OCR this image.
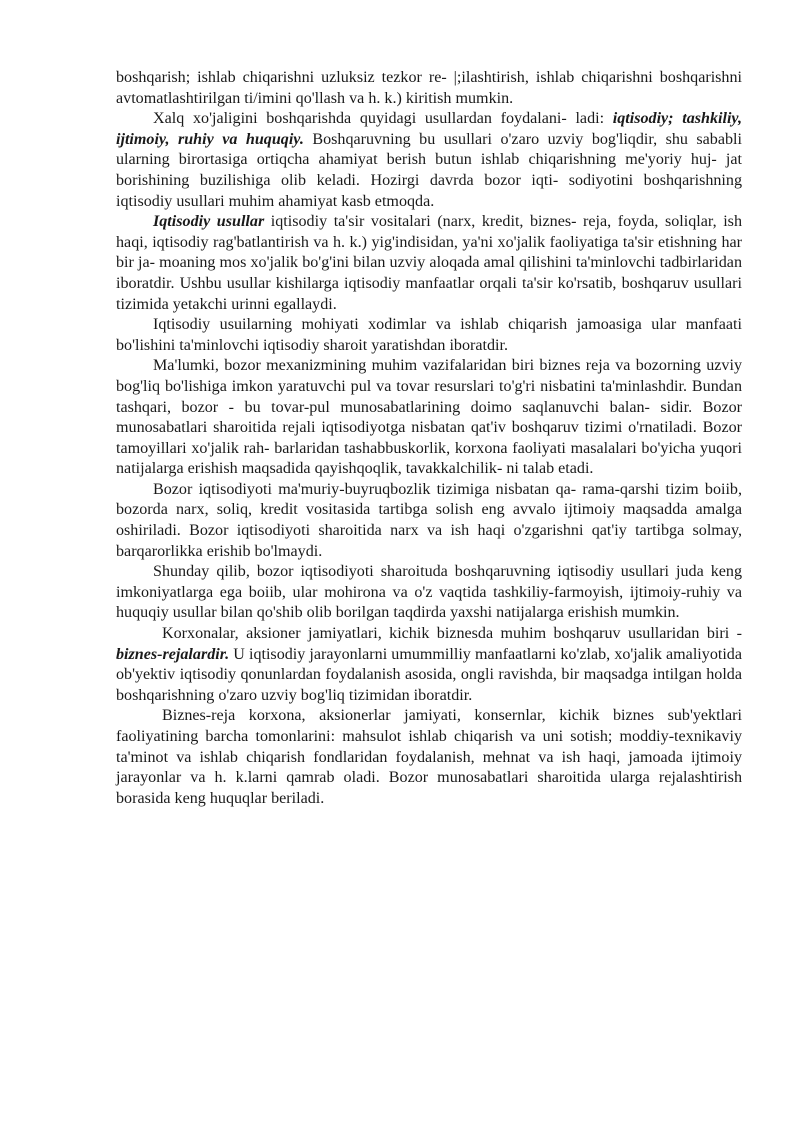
boshqarish; ishlab chiqarishni uzluksiz tezkor re- |;ilashtirish, ishlab chiqarishni boshqarishni avtomatlashtirilgan ti/imini qo'llash va h. k.) kiritish mumkin.

Xalq xo'jaligini boshqarishda quyidagi usullardan foydalani- ladi: iqtisodiy; tashkiliy, ijtimoiy, ruhiy va huquqiy. Boshqaruvning bu usullari o'zaro uzviy bog'liqdir, shu sababli ularning birortasiga ortiqcha ahamiyat berish butun ishlab chiqarishning me'yoriy huj- jat borishining buzilishiga olib keladi. Hozirgi davrda bozor iqti- sodiyotini boshqarishning iqtisodiy usullari muhim ahamiyat kasb etmoqda.

Iqtisodiy usullar iqtisodiy ta'sir vositalari (narx, kredit, biznes- reja, foyda, soliqlar, ish haqi, iqtisodiy rag'batlantirish va h. k.) yig'indisidan, ya'ni xo'jalik faoliyatiga ta'sir etishning har bir ja- moaning mos xo'jalik bo'g'ini bilan uzviy aloqada amal qilishini ta'minlovchi tadbirlaridan iboratdir. Ushbu usullar kishilarga iqtisodiy manfaatlar orqali ta'sir ko'rsatib, boshqaruv usullari tizimida yetakchi urinni egallaydi.

Iqtisodiy usuilarning mohiyati xodimlar va ishlab chiqarish jamoasiga ular manfaati bo'lishini ta'minlovchi iqtisodiy sharoit yaratishdan iboratdir.

Ma'lumki, bozor mexanizmining muhim vazifalaridan biri biznes reja va bozorning uzviy bog'liq bo'lishiga imkon yaratuvchi pul va tovar resurslari to'g'ri nisbatini ta'minlashdir. Bundan tashqari, bozor - bu tovar-pul munosabatlarining doimo saqlanuvchi balan- sidir. Bozor munosabatlari sharoitida rejali iqtisodiyotga nisbatan qat'iv boshqaruv tizimi o'rnatiladi. Bozor tamoyillari xo'jalik rah- barlaridan tashabbuskorlik, korxona faoliyati masalalari bo'yicha yuqori natijalarga erishish maqsadida qayishqoqlik, tavakkalchilik- ni talab etadi.

Bozor iqtisodiyoti ma'muriy-buyruqbozlik tizimiga nisbatan qa- rama-qarshi tizim boiib, bozorda narx, soliq, kredit vositasida tartibga solish eng avvalo ijtimoiy maqsadda amalga oshiriladi. Bozor iqtisodiyoti sharoitida narx va ish haqi o'zgarishni qat'iy tartibga solmay, barqarorlikka erishib bo'lmaydi.

Shunday qilib, bozor iqtisodiyoti sharoituda boshqaruvning iqtisodiy usullari juda keng imkoniyatlarga ega boiib, ular mohirona va o'z vaqtida tashkiliy-farmoyish, ijtimoiy-ruhiy va huquqiy usullar bilan qo'shib olib borilgan taqdirda yaxshi natijalarga erishish mumkin.

Korxonalar, aksioner jamiyatlari, kichik biznesda muhim boshqaruv usullaridan biri - biznes-rejalardir. U iqtisodiy jarayonlarni umummilliy manfaatlarni ko'zlab, xo'jalik amaliyotida ob'yektiv iqtisodiy qonunlardan foydalanish asosida, ongli ravishda, bir maqsadga intilgan holda boshqarishning o'zaro uzviy bog'liq tizimidan iboratdir.

Biznes-reja korxona, aksionerlar jamiyati, konsernlar, kichik biznes sub'yektlari faoliyatining barcha tomonlarini: mahsulot ishlab chiqarish va uni sotish; moddiy-texnikaviy ta'minot va ishlab chiqarish fondlaridan foydalanish, mehnat va ish haqi, jamoada ijtimoiy jarayonlar va h. k.larni qamrab oladi. Bozor munosabatlari sharoitida ularga rejalashtirish borasida keng huquqlar beriladi.
